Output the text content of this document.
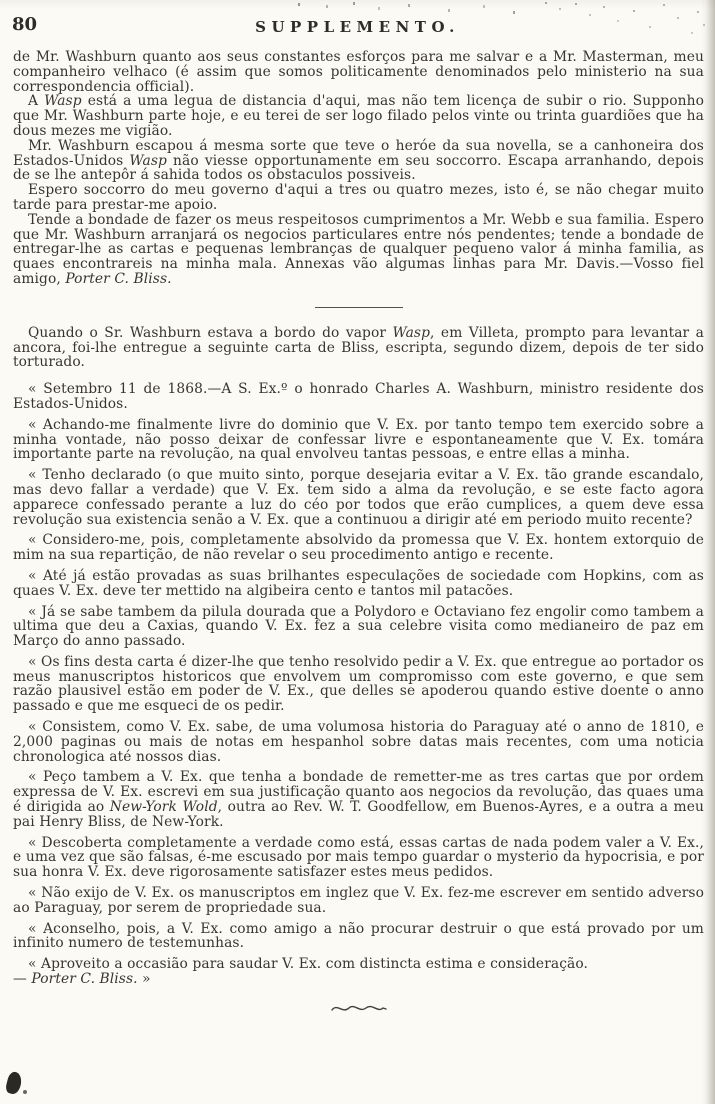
80	SUPPLEMENTO.

de Mr. Washburn quanto aos seus constantes esforços para me salvar e a Mr. Masterman, meu companheiro velhaco (é assim que somos politicamente denominados pelo ministerio na sua correspondencia official).

A Wasp está a uma legua de distancia d'aqui, mas não tem licença de subir o rio. Supponho que Mr. Washburn parte hoje, e eu terei de ser logo filado pelos vinte ou trinta guardiões que ha dous mezes me vigião.

Mr. Washburn escapou á mesma sorte que teve o heróe da sua novella, se a canhoneira dos Estados-Unidos Wasp não viesse opportunamente em seu soccorro. Escapa arranhando, depois de se lhe antepôr á sahida todos os obstaculos possiveis.

Espero soccorro do meu governo d'aqui a tres ou quatro mezes, isto é, se não chegar muito tarde para prestar-me apoio.

Tende a bondade de fazer os meus respeitosos cumprimentos a Mr. Webb e sua familia. Espero que Mr. Washburn arranjará os negocios particulares entre nós pendentes; tende a bondade de entregar-lhe as cartas e pequenas lembranças de qualquer pequeno valor á minha familia, as quaes encontrareis na minha mala. Annexas vão algumas linhas para Mr. Davis.—Vosso fiel amigo, Porter C. Bliss.

Quando o Sr. Washburn estava a bordo do vapor Wasp, em Villeta, prompto para levantar a ancora, foi-lhe entregue a seguinte carta de Bliss, escripta, segundo dizem, depois de ter sido torturado.

« Setembro 11 de 1868.—A S. Ex.º o honrado Charles A. Washburn, ministro residente dos Estados-Unidos.

« Achando-me finalmente livre do dominio que V. Ex. por tanto tempo tem exercido sobre a minha vontade, não posso deixar de confessar livre e espontaneamente que V. Ex. tomára importante parte na revolução, na qual envolveu tantas pessoas, e entre ellas a minha.

« Tenho declarado (o que muito sinto, porque desejaria evitar a V. Ex. tão grande escandalo, mas devo fallar a verdade) que V. Ex. tem sido a alma da revolução, e se este facto agora apparece confessado perante a luz do céo por todos que erão cumplices, a quem deve essa revolução sua existencia senão a V. Ex. que a continuou a dirigir até em periodo muito recente?

« Considero-me, pois, completamente absolvido da promessa que V. Ex. hontem extorquio de mim na sua repartição, de não revelar o seu procedimento antigo e recente.

« Até já estão provadas as suas brilhantes especulações de sociedade com Hopkins, com as quaes V. Ex. deve ter mettido na algibeira cento e tantos mil patacões.

« Já se sabe tambem da pilula dourada que a Polydoro e Octaviano fez engolir como tambem a ultima que deu a Caxias, quando V. Ex. fez a sua celebre visita como medianeiro de paz em Março do anno passado.

« Os fins desta carta é dizer-lhe que tenho resolvido pedir a V. Ex. que entregue ao portador os meus manuscriptos historicos que envolvem um compromisso com este governo, e que sem razão plausivel estão em poder de V. Ex., que delles se apoderou quando estive doente o anno passado e que me esqueci de os pedir.

« Consistem, como V. Ex. sabe, de uma volumosa historia do Paraguay até o anno de 1810, e 2,000 paginas ou mais de notas em hespanhol sobre datas mais recentes, com uma noticia chronologica até nossos dias.

« Peço tambem a V. Ex. que tenha a bondade de remetter-me as tres cartas que por ordem expressa de V. Ex. escrevi em sua justificação quanto aos negocios da revolução, das quaes uma é dirigida ao New-York Wold, outra ao Rev. W. T. Goodfellow, em Buenos-Ayres, e a outra a meu pai Henry Bliss, de New-York.

« Descoberta completamente a verdade como está, essas cartas de nada podem valer a V. Ex., e uma vez que são falsas, é-me escusado por mais tempo guardar o mysterio da hypocrisia, e por sua honra V. Ex. deve rigorosamente satisfazer estes meus pedidos.

« Não exijo de V. Ex. os manuscriptos em inglez que V. Ex. fez-me escrever em sentido adverso ao Paraguay, por serem de propriedade sua.

« Aconselho, pois, a V. Ex. como amigo a não procurar destruir o que está provado por um infinito numero de testemunhas.

« Aproveito a occasião para saudar V. Ex. com distincta estima e consideração.
— Porter C. Bliss. »
